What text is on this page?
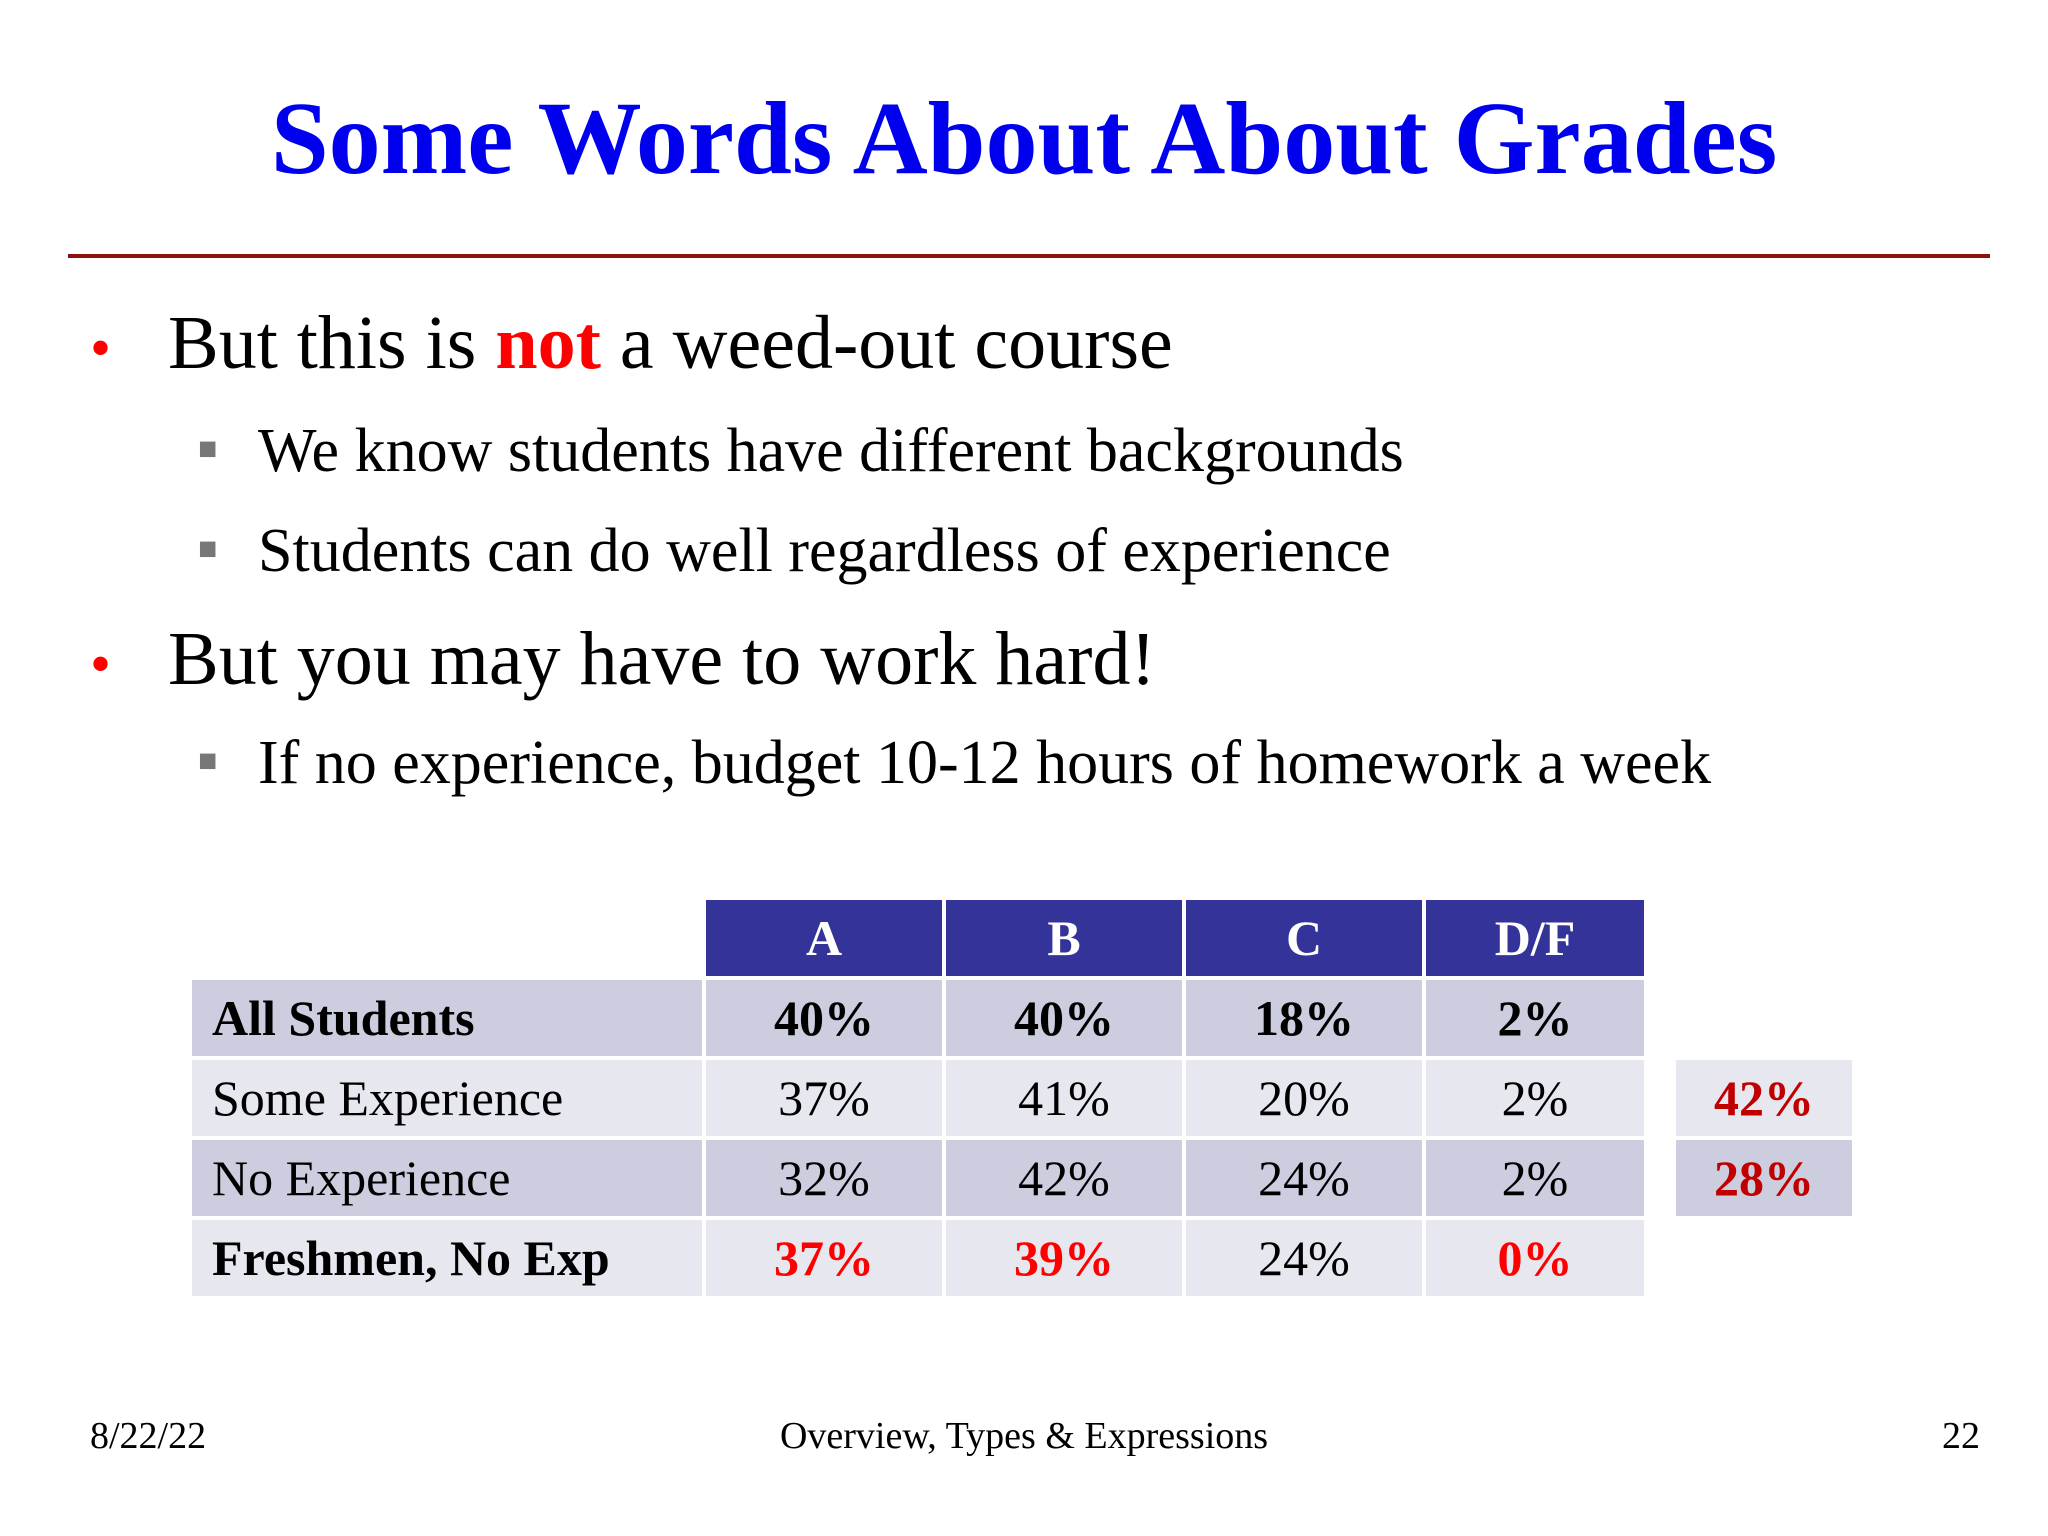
Some Words About About Grades
• But this is not a weed-out course
■ We know students have different backgrounds
■ Students can do well regardless of experience
• But you may have to work hard!
■ If no experience, budget 10-12 hours of homework a week
	A	B	C	D/F		
All Students	40%	40%	18%	2%		
Some Experience	37%	41%	20%	2%		42%
No Experience	32%	42%	24%	2%		28%
Freshmen, No Exp	37%	39%	24%	0%		
8/22/22	Overview, Types & Expressions	22
